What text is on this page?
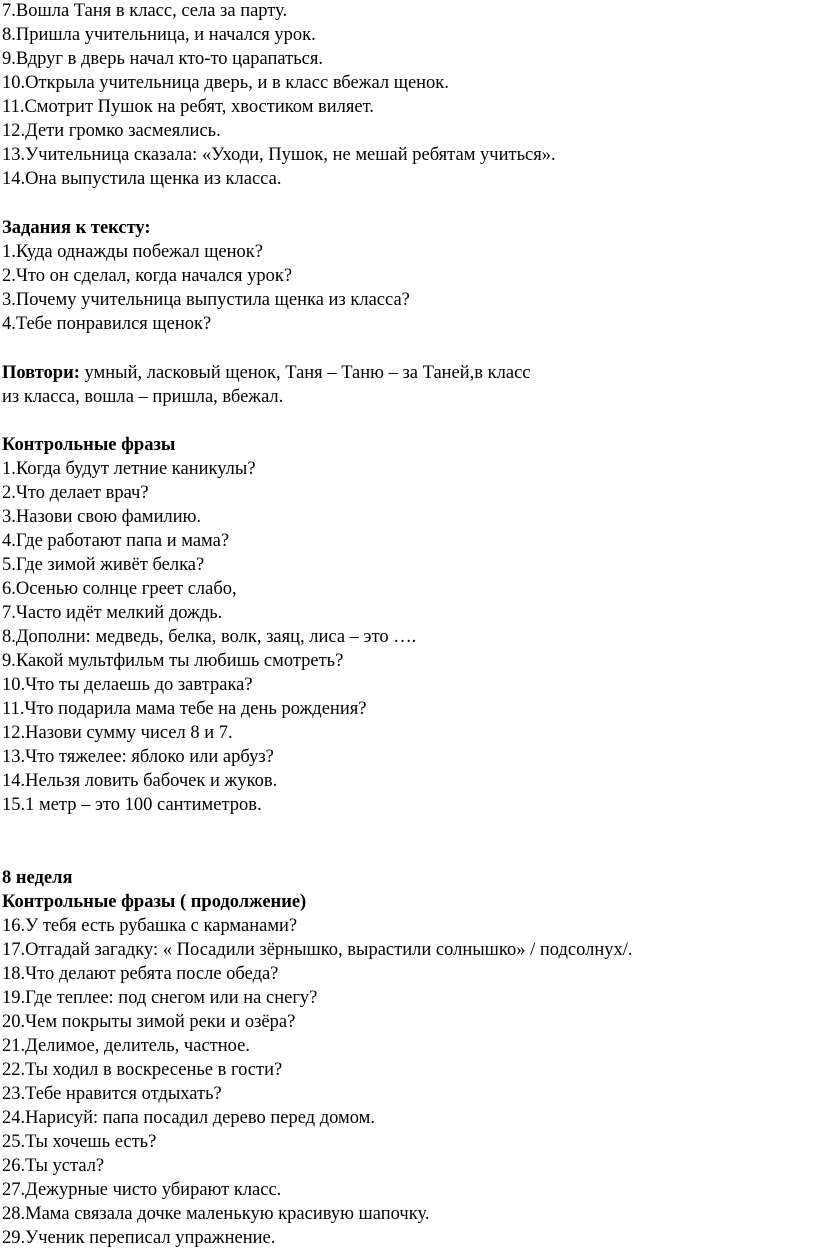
7.Вошла Таня в класс, села за парту.
8.Пришла учительница, и начался урок.
9.Вдруг в дверь начал кто-то царапаться.
10.Открыла учительница дверь, и в класс вбежал щенок.
11.Смотрит Пушок на ребят, хвостиком виляет.
12.Дети громко засмеялись.
13.Учительница сказала: «Уходи, Пушок, не мешай ребятам учиться».
14.Она выпустила щенка из класса.
Задания к тексту:
1.Куда однажды побежал щенок?
2.Что он сделал, когда начался урок?
3.Почему учительница выпустила щенка из класса?
4.Тебе понравился щенок?
Повтори: умный, ласковый щенок, Таня – Таню – за Таней,в класс
из класса, вошла – пришла, вбежал.
Контрольные фразы
1.Когда будут летние каникулы?
2.Что делает врач?
3.Назови свою фамилию.
4.Где работают папа и мама?
5.Где зимой живёт белка?
6.Осенью солнце греет слабо,
7.Часто идёт мелкий дождь.
8.Дополни: медведь, белка, волк, заяц, лиса – это ….
9.Какой мультфильм ты любишь смотреть?
10.Что ты делаешь до завтрака?
11.Что подарила мама тебе на день рождения?
12.Назови сумму чисел 8 и 7.
13.Что тяжелее: яблоко или арбуз?
14.Нельзя ловить бабочек и жуков.
15.1 метр – это 100 сантиметров.
8 неделя
Контрольные фразы ( продолжение)
16.У тебя есть рубашка с карманами?
17.Отгадай загадку: « Посадили зёрнышко, вырастили солнышко» / подсолнух/.
18.Что делают ребята после обеда?
19.Где теплее: под снегом или на снегу?
20.Чем покрыты зимой реки и озёра?
21.Делимое, делитель, частное.
22.Ты ходил в воскресенье в гости?
23.Тебе нравится отдыхать?
24.Нарисуй: папа посадил дерево перед домом.
25.Ты хочешь есть?
26.Ты устал?
27.Дежурные чисто убирают класс.
28.Мама связала дочке маленькую красивую шапочку.
29.Ученик переписал упражнение.
